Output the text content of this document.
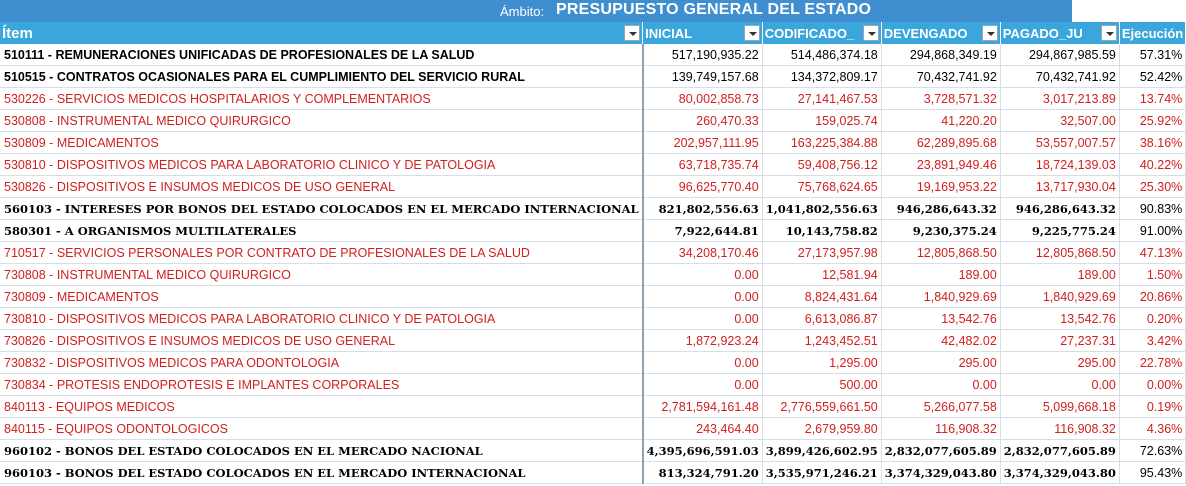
Ámbito: PRESUPUESTO GENERAL DEL ESTADO
Ítem	INICIAL	CODIFICADO_	DEVENGADO	PAGADO_JU	Ejecución
510111 - REMUNERACIONES UNIFICADAS DE PROFESIONALES DE LA SALUD	517,190,935.22	514,486,374.18	294,868,349.19	294,867,985.59	57.31%
510515 - CONTRATOS OCASIONALES PARA EL CUMPLIMIENTO DEL SERVICIO RURAL	139,749,157.68	134,372,809.17	70,432,741.92	70,432,741.92	52.42%
530226 - SERVICIOS MEDICOS HOSPITALARIOS Y COMPLEMENTARIOS	80,002,858.73	27,141,467.53	3,728,571.32	3,017,213.89	13.74%
530808 - INSTRUMENTAL MEDICO QUIRURGICO	260,470.33	159,025.74	41,220.20	32,507.00	25.92%
530809 - MEDICAMENTOS	202,957,111.95	163,225,384.88	62,289,895.68	53,557,007.57	38.16%
530810 - DISPOSITIVOS MEDICOS PARA LABORATORIO CLINICO Y DE PATOLOGIA	63,718,735.74	59,408,756.12	23,891,949.46	18,724,139.03	40.22%
530826 - DISPOSITIVOS E INSUMOS MEDICOS DE USO GENERAL	96,625,770.40	75,768,624.65	19,169,953.22	13,717,930.04	25.30%
560103 - INTERESES POR BONOS DEL ESTADO COLOCADOS EN EL MERCADO INTERNACIONAL	821,802,556.63	1,041,802,556.63	946,286,643.32	946,286,643.32	90.83%
580301 - A ORGANISMOS MULTILATERALES	7,922,644.81	10,143,758.82	9,230,375.24	9,225,775.24	91.00%
710517 - SERVICIOS PERSONALES POR CONTRATO DE PROFESIONALES DE LA SALUD	34,208,170.46	27,173,957.98	12,805,868.50	12,805,868.50	47.13%
730808 - INSTRUMENTAL MEDICO QUIRURGICO	0.00	12,581.94	189.00	189.00	1.50%
730809 - MEDICAMENTOS	0.00	8,824,431.64	1,840,929.69	1,840,929.69	20.86%
730810 - DISPOSITIVOS MEDICOS PARA LABORATORIO CLINICO Y DE PATOLOGIA	0.00	6,613,086.87	13,542.76	13,542.76	0.20%
730826 - DISPOSITIVOS E INSUMOS MEDICOS DE USO GENERAL	1,872,923.24	1,243,452.51	42,482.02	27,237.31	3.42%
730832 - DISPOSITIVOS MEDICOS PARA ODONTOLOGIA	0.00	1,295.00	295.00	295.00	22.78%
730834 - PROTESIS ENDOPROTESIS E IMPLANTES CORPORALES	0.00	500.00	0.00	0.00	0.00%
840113 - EQUIPOS MEDICOS	2,781,594,161.48	2,776,559,661.50	5,266,077.58	5,099,668.18	0.19%
840115 - EQUIPOS ODONTOLOGICOS	243,464.40	2,679,959.80	116,908.32	116,908.32	4.36%
960102 - BONOS DEL ESTADO COLOCADOS EN EL MERCADO NACIONAL	4,395,696,591.03	3,899,426,602.95	2,832,077,605.89	2,832,077,605.89	72.63%
960103 - BONOS DEL ESTADO COLOCADOS EN EL MERCADO INTERNACIONAL	813,324,791.20	3,535,971,246.21	3,374,329,043.80	3,374,329,043.80	95.43%
